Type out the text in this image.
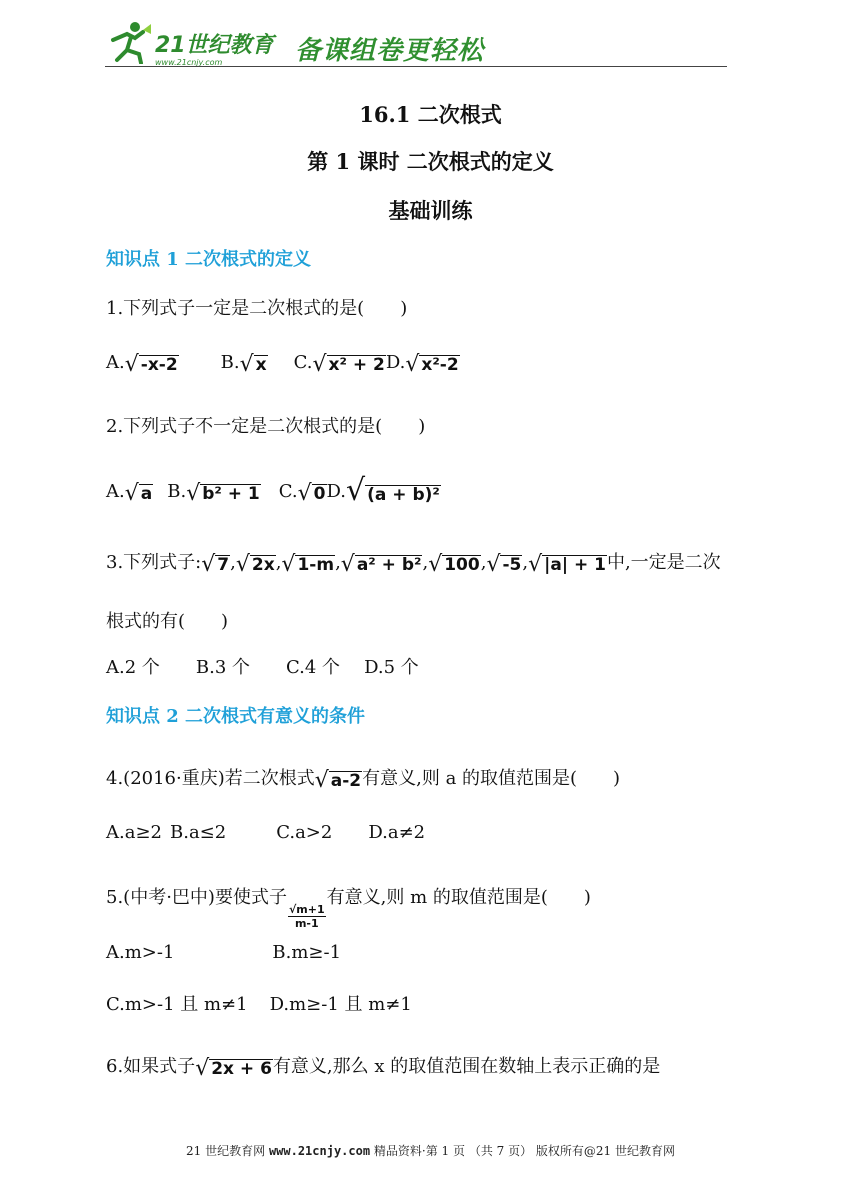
21世纪教育
www.21cnjy.com	备课组卷更轻松
16.1 二次根式
第 1 课时 二次根式的定义
基础训练
知识点 1 二次根式的定义
1.下列式子一定是二次根式的是(　　)
A. √ -x-2 B. √ x C. √ x² + 2 D. √ x²-2
2.下列式子不一定是二次根式的是(　　)
A. √ a B. √ b² + 1 C. √ 0 D. √ (a + b)²
3.下列式子: √ 7 , √ 2x , √ 1-m , √ a² + b² , √ 100 , √ -5 , √ |a| + 1 中,一定是二次
根式的有(　　)
A.2 个 B.3 个 C.4 个 D.5 个
知识点 2 二次根式有意义的条件
4.(2016·重庆)若二次根式 √ a-2 有意义,则 a 的取值范围是(　　)
A.a≥2 B.a≤2	C.a>2 D.a≠2
5.(中考·巴中)要使式子
$\frac{√m+1}{m-1}$
有意义,则 m 的取值范围是(　　)
A.m>-1	B.m≥-1
C.m>-1 且 m≠1 D.m≥-1 且 m≠1
6.如果式子 √ 2x + 6 有意义,那么 x 的取值范围在数轴上表示正确的是
21 世纪教育网 www.21cnjy.com 精品资料·第 1 页 （共 7 页） 版权所有@21 世纪教育网
